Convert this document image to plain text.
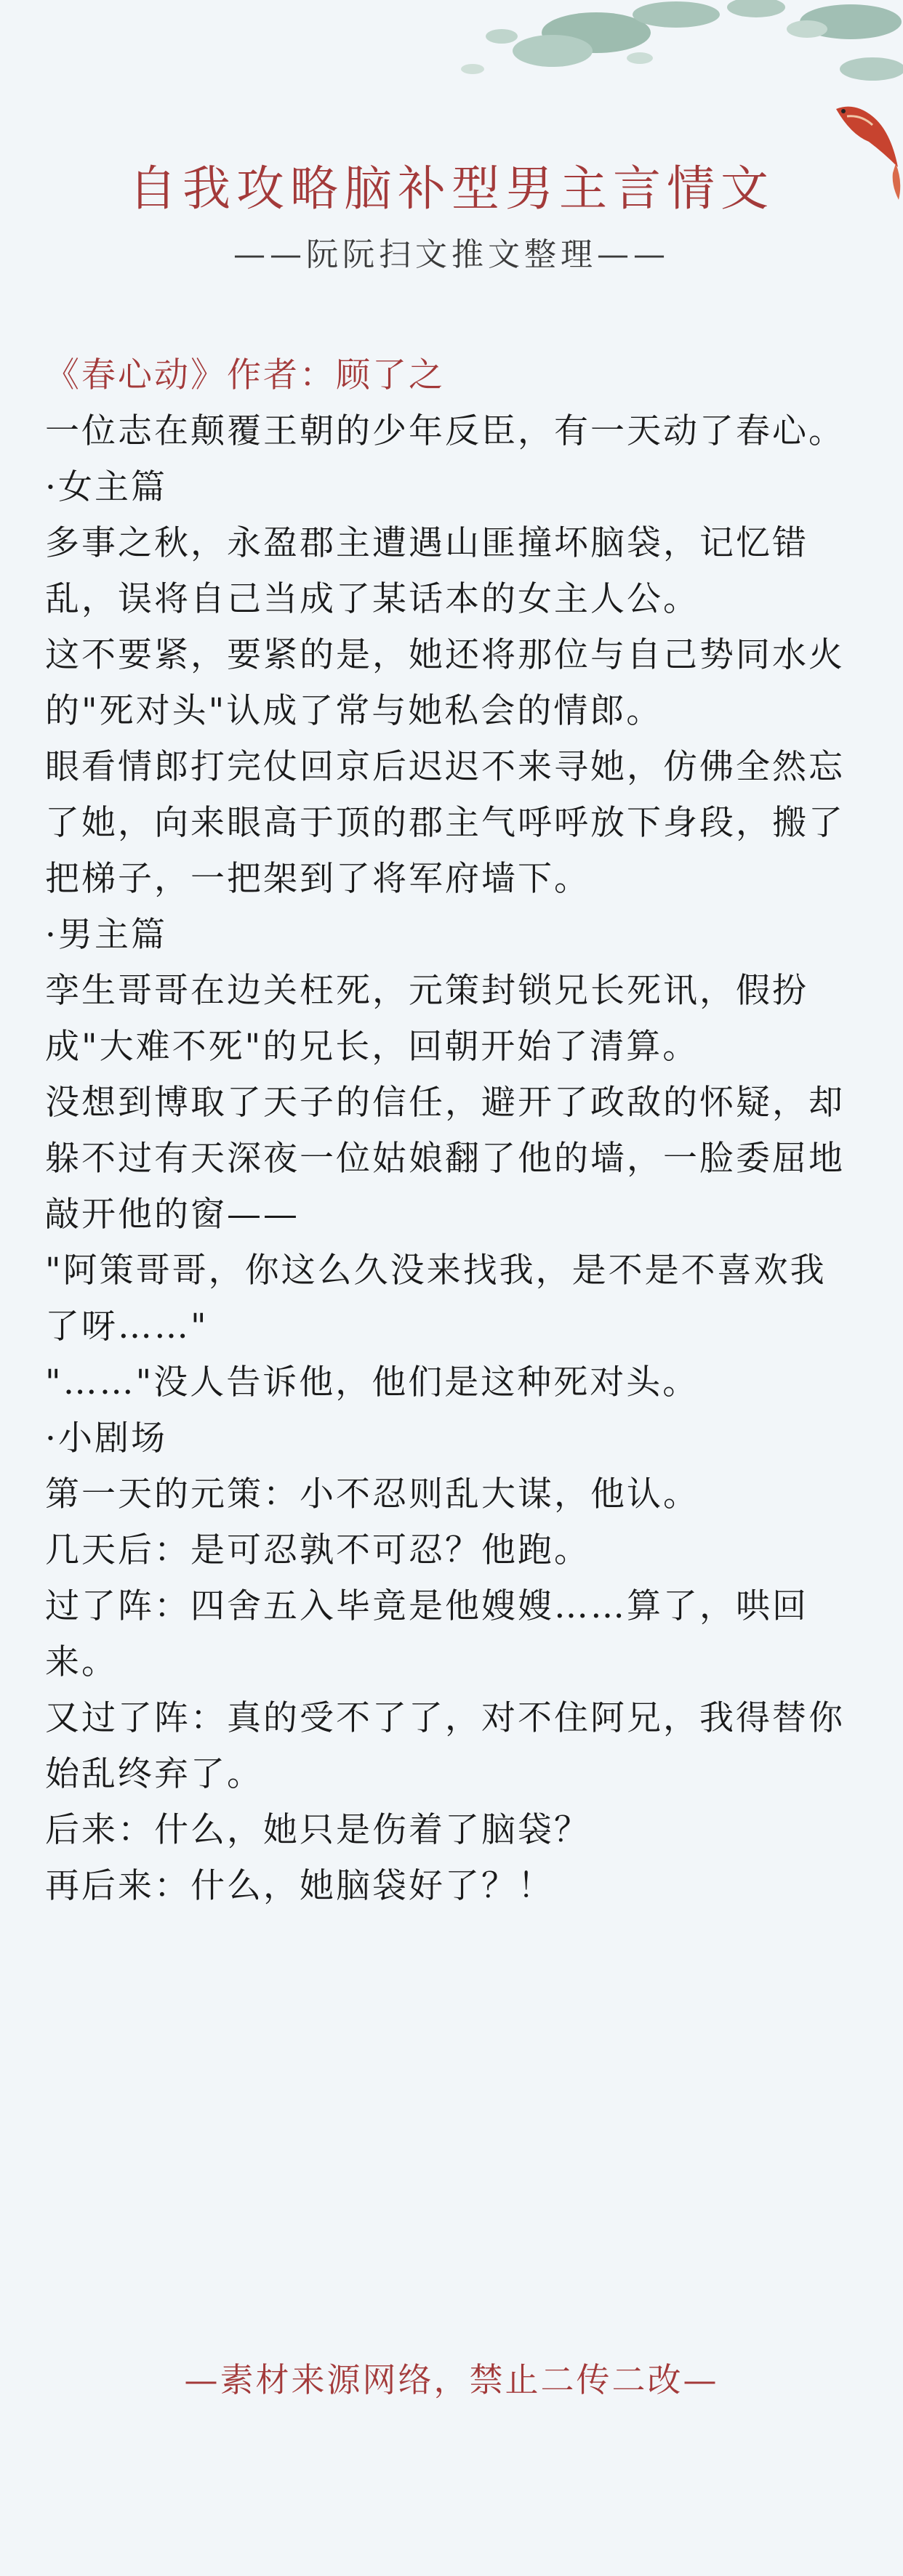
自我攻略脑补型男主言情文
——阮阮扫文推文整理——

《春心动》作者：顾了之

一位志在颠覆王朝的少年反臣，有一天动了春心。

·女主篇

多事之秋，永盈郡主遭遇山匪撞坏脑袋，记忆错乱，误将自己当成了某话本的女主人公。

这不要紧，要紧的是，她还将那位与自己势同水火的"死对头"认成了常与她私会的情郎。

眼看情郎打完仗回京后迟迟不来寻她，仿佛全然忘了她，向来眼高于顶的郡主气呼呼放下身段，搬了把梯子，一把架到了将军府墙下。

·男主篇

孪生哥哥在边关枉死，元策封锁兄长死讯，假扮成"大难不死"的兄长，回朝开始了清算。

没想到博取了天子的信任，避开了政敌的怀疑，却躲不过有天深夜一位姑娘翻了他的墙，一脸委屈地敲开他的窗——

"阿策哥哥，你这么久没来找我，是不是不喜欢我了呀……"

"……"没人告诉他，他们是这种死对头。

·小剧场

第一天的元策：小不忍则乱大谋，他认。

几天后：是可忍孰不可忍？他跑。

过了阵：四舍五入毕竟是他嫂嫂……算了，哄回来。

又过了阵：真的受不了了，对不住阿兄，我得替你始乱终弃了。

后来：什么，她只是伤着了脑袋？

再后来：什么，她脑袋好了？！

—素材来源网络，禁止二传二改—
